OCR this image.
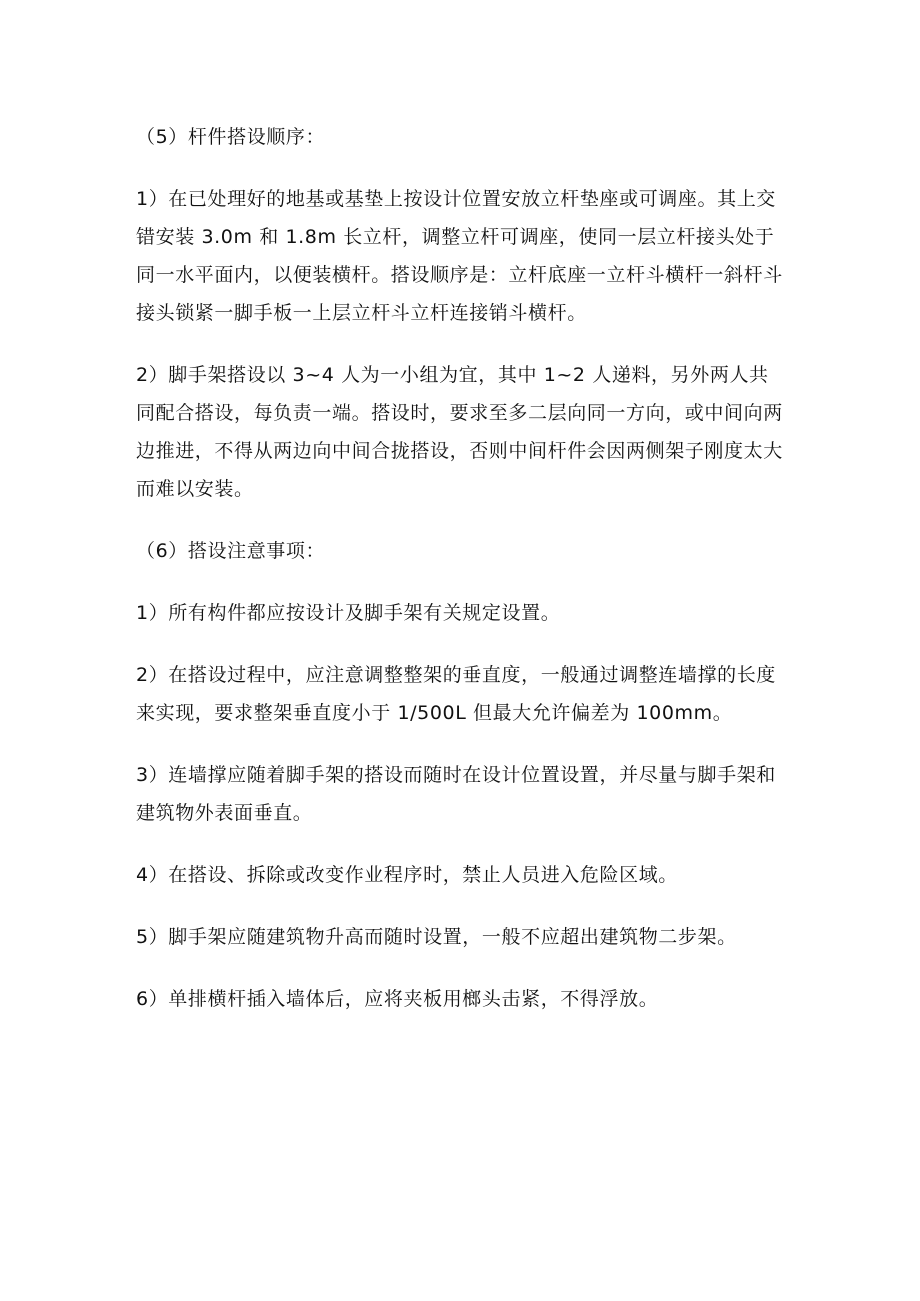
（5）杆件搭设顺序：

1）在已处理好的地基或基垫上按设计位置安放立杆垫座或可调座。其上交错安装 3.0m 和 1.8m 长立杆，调整立杆可调座，使同一层立杆接头处于同一水平面内，以便装横杆。搭设顺序是：立杆底座一立杆斗横杆一斜杆斗接头锁紧一脚手板一上层立杆斗立杆连接销斗横杆。

2）脚手架搭设以 3~4 人为一小组为宜，其中 1~2 人递料，另外两人共同配合搭设，每负责一端。搭设时，要求至多二层向同一方向，或中间向两边推进，不得从两边向中间合拢搭设，否则中间杆件会因两侧架子刚度太大而难以安装。

（6）搭设注意事项：

1）所有构件都应按设计及脚手架有关规定设置。

2）在搭设过程中，应注意调整整架的垂直度，一般通过调整连墙撑的长度来实现，要求整架垂直度小于 1/500L 但最大允许偏差为 100mm。

3）连墙撑应随着脚手架的搭设而随时在设计位置设置，并尽量与脚手架和建筑物外表面垂直。

4）在搭设、拆除或改变作业程序时，禁止人员进入危险区域。

5）脚手架应随建筑物升高而随时设置，一般不应超出建筑物二步架。

6）单排横杆插入墙体后，应将夹板用榔头击紧，不得浮放。
